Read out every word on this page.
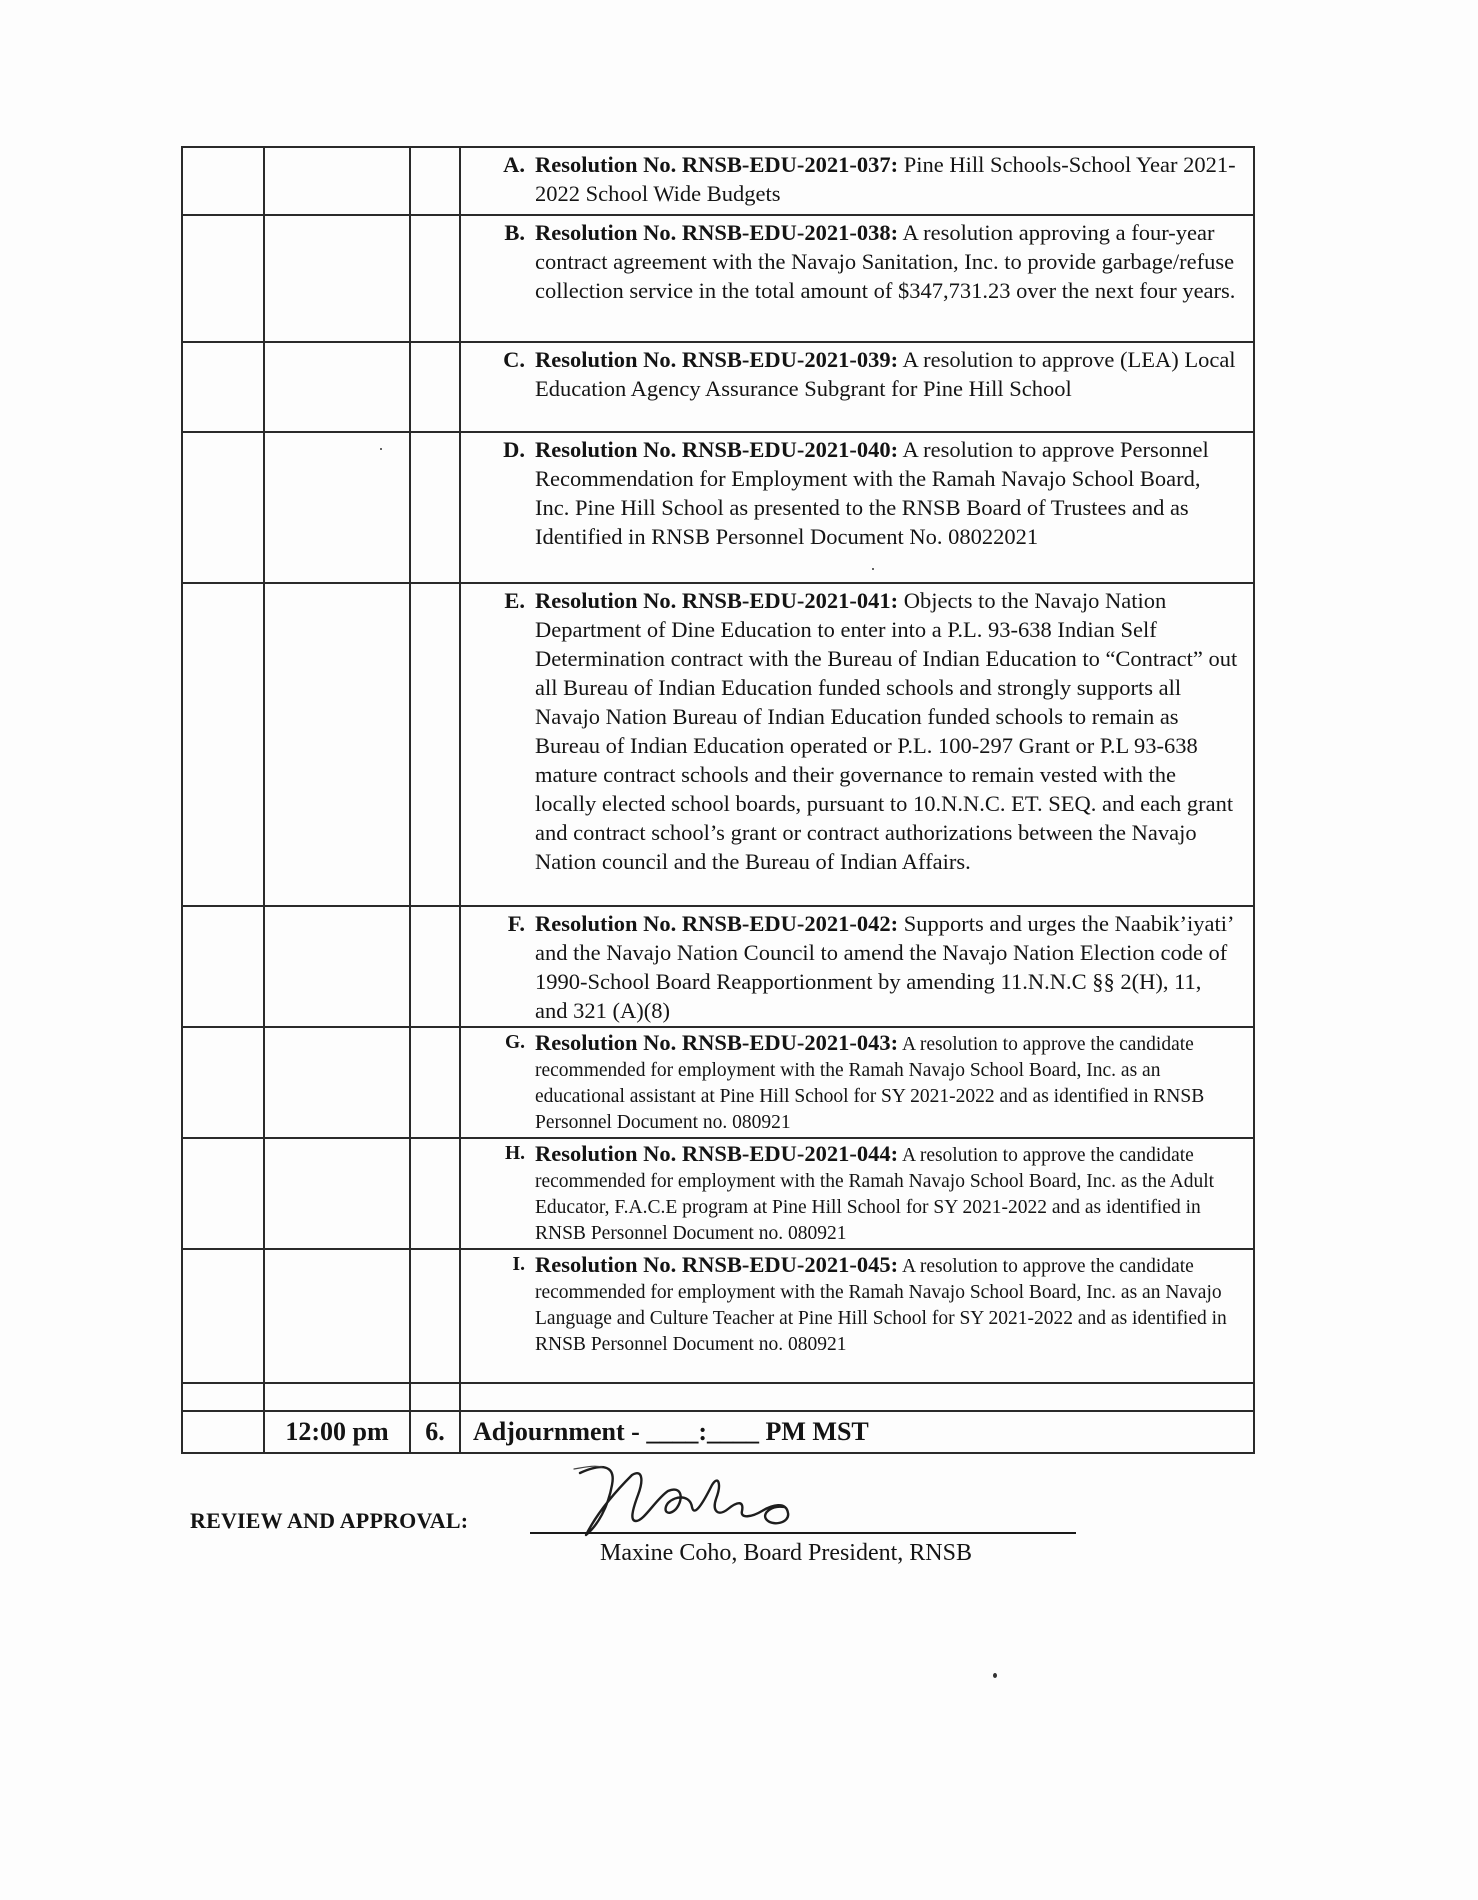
			A. Resolution No. RNSB-EDU-2021-037: Pine Hill Schools-School Year 2021-2022 School Wide Budgets

			B. Resolution No. RNSB-EDU-2021-038: A resolution approving a four-year contract agreement with the Navajo Sanitation, Inc. to provide garbage/refuse collection service in the total amount of $347,731.23 over the next four years.

			C. Resolution No. RNSB-EDU-2021-039: A resolution to approve (LEA) Local Education Agency Assurance Subgrant for Pine Hill School

			D. Resolution No. RNSB-EDU-2021-040: A resolution to approve Personnel Recommendation for Employment with the Ramah Navajo School Board, Inc. Pine Hill School as presented to the RNSB Board of Trustees and as Identified in RNSB Personnel Document No. 08022021

			E. Resolution No. RNSB-EDU-2021-041: Objects to the Navajo Nation Department of Dine Education to enter into a P.L. 93-638 Indian Self Determination contract with the Bureau of Indian Education to “Contract” out all Bureau of Indian Education funded schools and strongly supports all Navajo Nation Bureau of Indian Education funded schools to remain as Bureau of Indian Education operated or P.L. 100-297 Grant or P.L 93-638 mature contract schools and their governance to remain vested with the locally elected school boards, pursuant to 10.N.N.C. ET. SEQ. and each grant and contract school’s grant or contract authorizations between the Navajo Nation council and the Bureau of Indian Affairs.

			F. Resolution No. RNSB-EDU-2021-042: Supports and urges the Naabik’iyati’ and the Navajo Nation Council to amend the Navajo Nation Election code of 1990-School Board Reapportionment by amending 11.N.N.C §§ 2(H), 11, and 321 (A)(8)

			G. Resolution No. RNSB-EDU-2021-043: A resolution to approve the candidate recommended for employment with the Ramah Navajo School Board, Inc. as an educational assistant at Pine Hill School for SY 2021-2022 and as identified in RNSB Personnel Document no. 080921

			H. Resolution No. RNSB-EDU-2021-044: A resolution to approve the candidate recommended for employment with the Ramah Navajo School Board, Inc. as the Adult Educator, F.A.C.E program at Pine Hill School for SY 2021-2022 and as identified in RNSB Personnel Document no. 080921

			I. Resolution No. RNSB-EDU-2021-045: A resolution to approve the candidate recommended for employment with the Ramah Navajo School Board, Inc. as an Navajo Language and Culture Teacher at Pine Hill School for SY 2021-2022 and as identified in RNSB Personnel Document no. 080921

	12:00 pm	6.	Adjournment - ____:____ PM MST
REVIEW AND APPROVAL:
Maxine Coho, Board President, RNSB
